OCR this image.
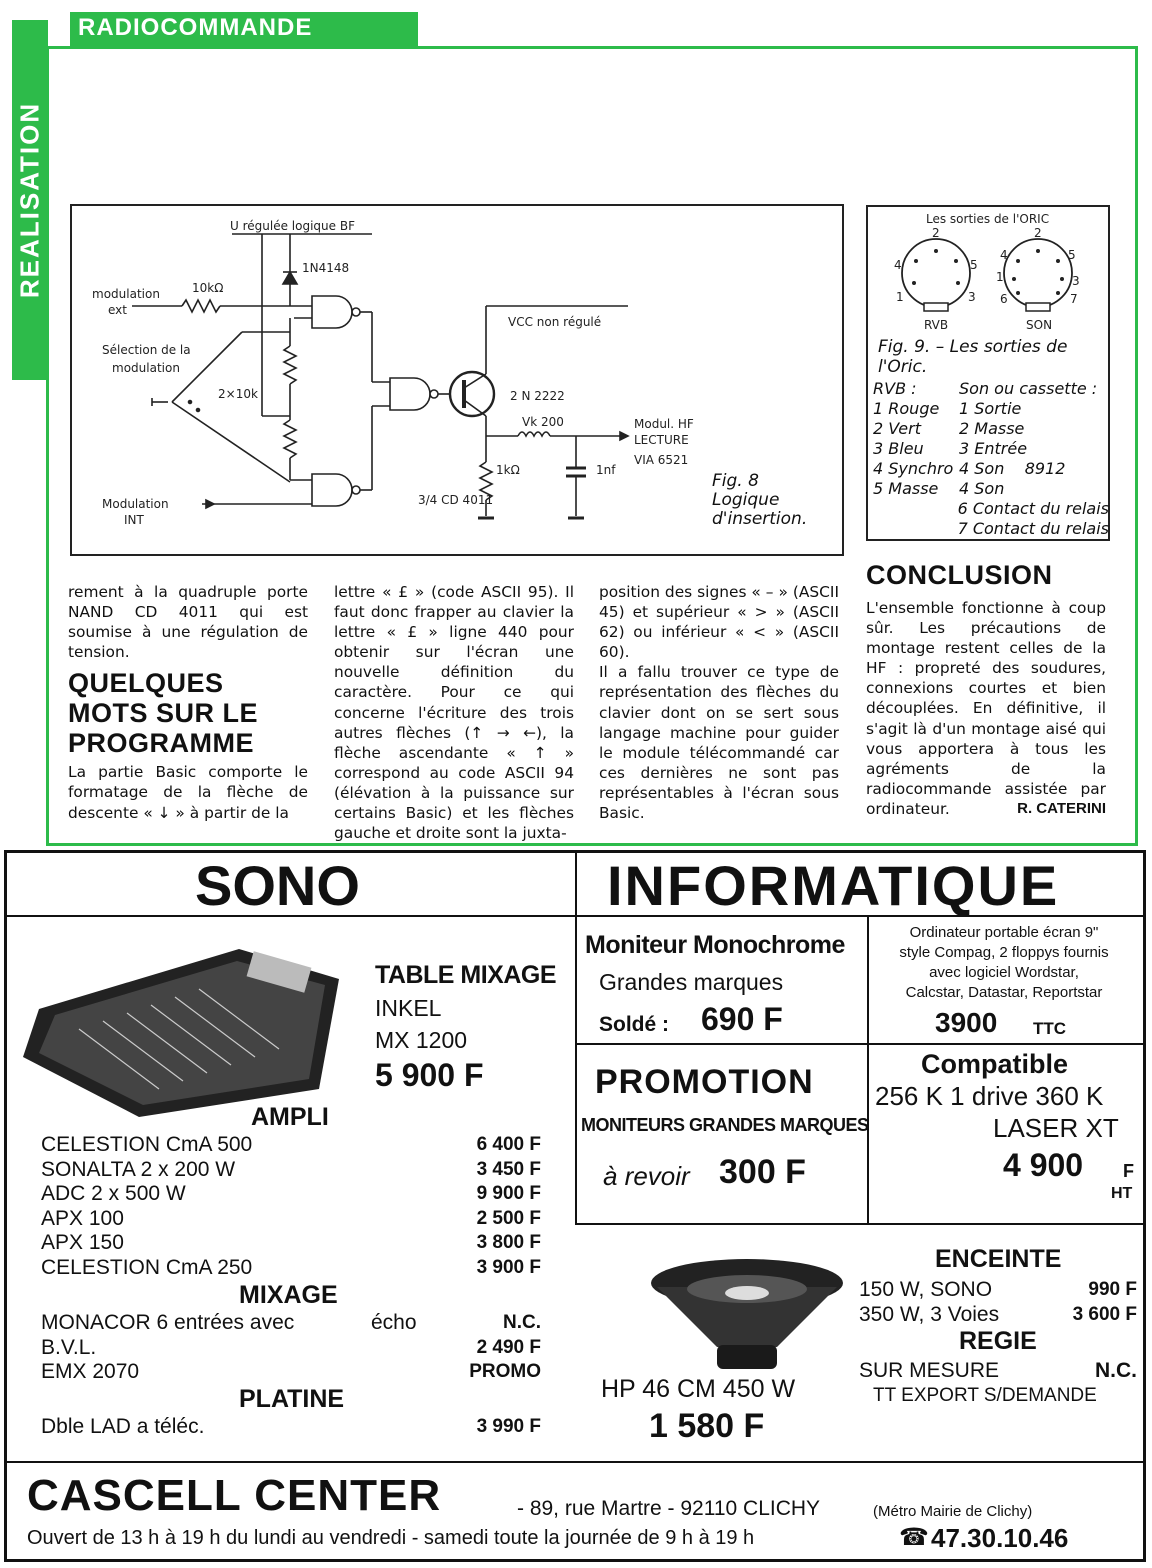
REALISATION
RADIOCOMMANDE
U régulée logique BF
1N4148
modulation
ext
10kΩ
Sélection de la
modulation
2×10k
Modulation
INT
VCC non régulé
2 N 2222
Vk 200	Modul. HF
LECTURE
VIA 6521
1kΩ	1nf
3/4 CD 4011
Fig. 8
Logique
d'insertion.
Les sorties de l'ORIC
2
4	5
1	3
RVB
2
4	5
1	3
6	7
SON
Fig. 9. – Les sorties de l'Oric.
RVB :	Son ou cassette :
1 Rouge	1 Sortie
2 Vert	2 Masse
3 Bleu	3 Entrée
4 Synchro 4 Son    8912
5 Masse	4 Son
6 Contact du relais
7 Contact du relais

rement à la quadruple porte NAND CD 4011 qui est soumise à une régulation de tension.

QUELQUES MOTS SUR LE PROGRAMME

La partie Basic comporte le formatage de la flèche de descente « ↓ » à partir de la

lettre « £ » (code ASCII 95). Il faut donc frapper au clavier la lettre « £ » ligne 440 pour obtenir sur l'écran une nouvelle définition du caractère. Pour ce qui concerne l'écriture des trois autres flèches (↑ → ←), la flèche ascendante « ↑ » correspond au code ASCII 94 (élévation à la puissance sur certains Basic) et les flèches gauche et droite sont la juxta-

position des signes « – » (ASCII 45) et supérieur « > » (ASCII 62) ou inférieur « < » (ASCII 60).

Il a fallu trouver ce type de représentation des flèches du clavier dont on se sert sous langage machine pour guider le module télécommandé car ces dernières ne sont pas représentables à l'écran sous Basic.

CONCLUSION

L'ensemble fonctionne à coup sûr. Les précautions de montage restent celles de la HF : propreté des soudures, connexions courtes et bien découplées. En définitive, il s'agit là d'un montage aisé qui vous apportera à tous les agréments de la radiocommande assistée par ordinateur.	R. CATERINI

SONO	INFORMATIQUE
TABLE MIXAGE
INKEL
MX 1200
5 900 F
AMPLI
CELESTION CmA 500	6 400 F
SONALTA 2 x 200 W	3 450 F
ADC 2 x 500 W	9 900 F
APX 100	2 500 F
APX 150	3 800 F
CELESTION CmA 250	3 900 F
MIXAGE
MONACOR 6 entrées avec	écho	N.C.
B.V.L.	2 490 F
EMX 2070	PROMO
PLATINE
Dble LAD a téléc.	3 990 F
Moniteur Monochrome
Grandes marques
Soldé : 690 F
Ordinateur portable écran 9"
style Compag, 2 floppys fournis
avec logiciel Wordstar,
Calcstar, Datastar, Reportstar
3900 TTC
PROMOTION
MONITEURS GRANDES MARQUES
à revoir 300 F
Compatible
256 K 1 drive 360 K
LASER XT
4 900 F
HT
HP 46 CM 450 W
1 580 F
ENCEINTE
150 W, SONO	990 F
350 W, 3 Voies	3 600 F
REGIE
SUR MESURE	N.C.
TT EXPORT S/DEMANDE
CASCELL CENTER	- 89, rue Martre - 92110 CLICHY	(Métro Mairie de Clichy)
Ouvert de 13 h à 19 h du lundi au vendredi - samedi toute la journée de 9 h à 19 h	☎ 47.30.10.46
